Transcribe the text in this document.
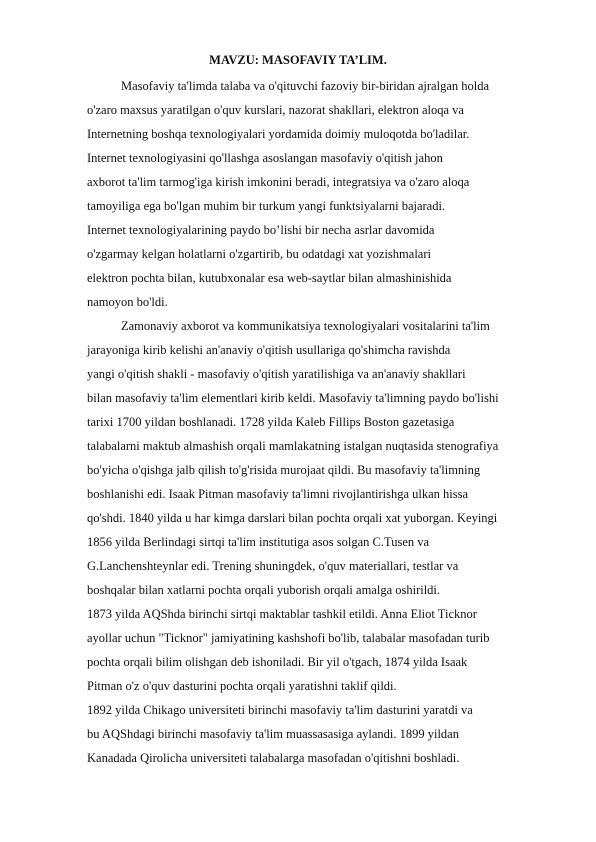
MAVZU: MASOFAVIY TA’LIM.
Masofaviy ta'limda talaba va o'qituvchi fazoviy bir-biridan ajralgan holda
o'zaro maxsus yaratilgan o'quv kurslari, nazorat shakllari, elektron aloqa va
Internetning boshqa texnologiyalari yordamida doimiy muloqotda bo'ladilar.
Internet texnologiyasini qo'llashga asoslangan masofaviy o'qitish jahon
axborot ta'lim tarmog'iga kirish imkonini beradi, integratsiya va o'zaro aloqa
tamoyiliga ega bo'lgan muhim bir turkum yangi funktsiyalarni bajaradi.
Internet texnologiyalarining paydo bo’lishi bir necha asrlar davomida
o'zgarmay kelgan holatlarni o'zgartirib, bu odatdagi xat yozishmalari
elektron pochta bilan, kutubxonalar esa web-saytlar bilan almashinishida
namoyon bo'ldi.
Zamonaviy axborot va kommunikatsiya texnologiyalari vositalarini ta'lim
jarayoniga kirib kelishi an'anaviy o'qitish usullariga qo'shimcha ravishda
yangi o'qitish shakli - masofaviy o'qitish yaratilishiga va an'anaviy shakllari
bilan masofaviy ta'lim elementlari kirib keldi. Masofaviy ta'limning paydo bo'lishi
tarixi 1700 yildan boshlanadi. 1728 yilda Kaleb Fillips Boston gazetasiga
talabalarni maktub almashish orqali mamlakatning istalgan nuqtasida stenografiya
bo'yicha o'qishga jalb qilish to'g'risida murojaat qildi. Bu masofaviy ta'limning
boshlanishi edi. Isaak Pitman masofaviy ta'limni rivojlantirishga ulkan hissa
qo'shdi. 1840 yilda u har kimga darslari bilan pochta orqali xat yuborgan. Keyingi
1856 yilda Berlindagi sirtqi ta'lim institutiga asos solgan C.Tusen va
G.Lanchenshteynlar edi. Trening shuningdek, o'quv materiallari, testlar va
boshqalar bilan xatlarni pochta orqali yuborish orqali amalga oshirildi.
1873 yilda AQShda birinchi sirtqi maktablar tashkil etildi. Anna Eliot Ticknor
ayollar uchun "Ticknor" jamiyatining kashshofi bo'lib, talabalar masofadan turib
pochta orqali bilim olishgan deb ishoniladi. Bir yil o'tgach, 1874 yilda Isaak
Pitman o'z o'quv dasturini pochta orqali yaratishni taklif qildi.
1892 yilda Chikago universiteti birinchi masofaviy ta'lim dasturini yaratdi va
bu AQShdagi birinchi masofaviy ta'lim muassasasiga aylandi. 1899 yildan
Kanadada Qirolicha universiteti talabalarga masofadan o'qitishni boshladi.
